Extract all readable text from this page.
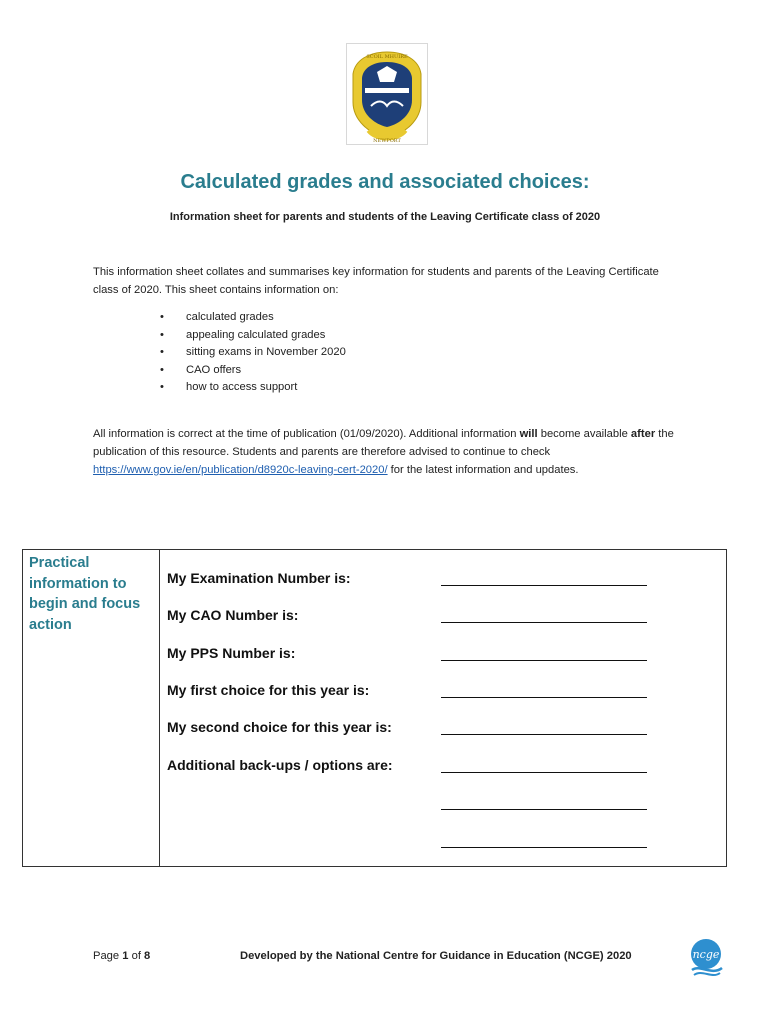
SCOIL MHUIRE
NEWPORT
Calculated grades and associated choices:
Information sheet for parents and students of the Leaving Certificate class of 2020
This information sheet collates and summarises key information for students and parents of the Leaving Certificate class of 2020. This sheet contains information on:
• calculated grades
• appealing calculated grades
• sitting exams in November 2020
• CAO offers
• how to access support
All information is correct at the time of publication (01/09/2020). Additional information will become available after the publication of this resource. Students and parents are therefore advised to continue to check https://www.gov.ie/en/publication/d8920c-leaving-cert-2020/ for the latest information and updates.
Practical information to begin and focus action
My Examination Number is:
My CAO Number is:
My PPS Number is:
My first choice for this year is:
My second choice for this year is:
Additional back-ups / options are:
Page 1 of 8	Developed by the National Centre for Guidance in Education (NCGE) 2020	ncge
